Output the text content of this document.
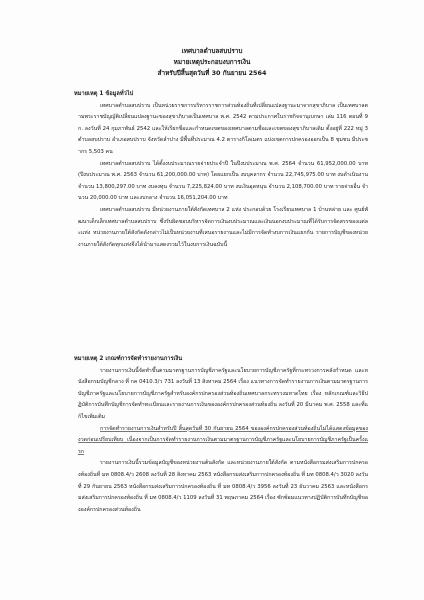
เทศบาลตำบลสบปราบ
หมายเหตุประกอบงบการเงิน
สำหรับปีสิ้นสุดวันที่ 30 กันยายน 2564
หมายเหตุ 1 ข้อมูลทั่วไป
เทศบาลตำบลสบปราบ เป็นหน่วยราชการบริหารราชการส่วนท้องถิ่นที่เปลี่ยนแปลงฐานะมาจากสุขาภิบาล เป็นเทศบาลตามพระราชบัญญัติเปลี่ยนแปลงฐานะของสุขาภิบาลเป็นเทศบาล พ.ศ. 2542 ตามประกาศในราชกิจจานุเบกษา เล่ม 116 ตอนที่ 9 ก. ลงวันที่ 24 กุมภาพันธ์ 2542 และให้เรียกชื่อและกำหนดเขตของเทศบาลตามชื่อและเขตของสุขาภิบาลเดิม ตั้งอยู่ที่ 222 หมู่ 3 ตำบลสบปราบ อำเภอสบปราบ จังหวัดลำปาง มีพื้นที่ประมาณ 4.2 ตารางกิโลเมตร แบ่งเขตการปกครองออกเป็น 8 ชุมชน มีประชากร 5,503 คน
เทศบาลตำบลสบปราบ ได้ตั้งงบประมาณรายจ่ายประจำปี ในปีงบประมาณ พ.ศ. 2564 จำนวน 61,952,000.00 บาท (ปีงบประมาณ พ.ศ. 2563 จำนวน 61,200,000.00 บาท) โดยแยกเป็น งบบุคลากร จำนวน 22,745,975.00 บาท งบดำเนินงาน จำนวน 13,800,297.00 บาท งบลงทุน จำนวน 7,225,824.00 บาท งบเงินอุดหนุน จำนวน 2,108,700.00 บาท รายจ่ายอื่น จำนวน 20,000.00 บาท และงบกลาง จำนวน 16,051,204.00 บาท
เทศบาลตำบลสบปราบ มีหน่วยงานภายใต้สังกัดเทศบาล 2 แห่ง ประกอบด้วย โรงเรียนเทศบาล 1 บ้านหล่าย และ ศูนย์พัฒนาเด็กเล็กเทศบาลตำบลสบปราบ ซึ่งรับผิดชอบบริหารจัดการเงินงบประมาณและเงินนอกงบประมาณที่ได้รับการจัดสรรของแต่ละแห่ง หน่วยงานภายใต้สังกัดดังกล่าวไม่เป็นหน่วยงานที่เสนอรายงานและไม่มีการจัดทำงบการเงินแยกกัน รายการบัญชีของหน่วยงานภายใต้สังกัดทุกแห่งจึงได้นำมาแสดงรวมไว้ในงบการเงินฉบับนี้
หมายเหตุ 2 เกณฑ์การจัดทำรายงานการเงิน
รายงานการเงินนี้จัดทำขึ้นตามมาตรฐานการบัญชีภาครัฐและนโยบายการบัญชีภาครัฐที่กระทรวงการคลังกำหนด และหนังสือกรมบัญชีกลาง ที่ กค 0410.3/ว 731 ลงวันที่ 13 สิงหาคม 2564 เรื่อง แนวทางการจัดทำรายงานการเงินตามมาตรฐานการบัญชีภาครัฐและนโยบายการบัญชีภาครัฐสำหรับองค์กรปกครองส่วนท้องถิ่นเทศบาลกระทรวงมหาดไทย เรื่อง หลักเกณฑ์และวิธีปฏิบัติการบันทึกบัญชีการจัดทำทะเบียนและรายงานการเงินขององค์กรปกครองส่วนท้องถิ่น ลงวันที่ 20 มีนาคม พ.ศ. 2558 และที่แก้ไขเพิ่มเติม
การจัดทำรายงานการเงินสำหรับปี สิ้นสุดวันที่ 30 กันยายน 2564 ขององค์กรปกครองส่วนท้องถิ่นไม่ได้แสดงข้อมูลของงวดก่อนเปรียบเทียบ เนื่องจากเป็นการจัดทำรายงานการเงินตามมาตรฐานการบัญชีภาครัฐและนโยบายการบัญชีภาครัฐเป็นครั้งแรก
รายงานการเงินนี้รวมข้อมูลบัญชีของหน่วยงานต้นสังกัด และหน่วยงานภายใต้สังกัด ตามหนังสือกรมส่งเสริมการปกครองท้องถิ่นที่ มท 0808.4/ว 2608 ลงวันที่ 28 สิงหาคม 2563 หนังสือกรมส่งเสริมการปกครองท้องถิ่น ที่ มท 0808.4/ว 3020 ลงวันที่ 29 กันยายน 2563 หนังสือกรมส่งเสริมการปกครองท้องถิ่น ที่ มท 0808.4/ว 3956 ลงวันที่ 23 ธันวาคม 2563 และหนังสือกรมส่งเสริมการปกครองท้องถิ่น ที่ มท 0808.4/ว 1109 ลงวันที่ 31 พฤษภาคม 2564 เรื่อง ซักซ้อมแนวทางปฏิบัติการบันทึกบัญชีขององค์กรปกครองส่วนท้องถิ่น
